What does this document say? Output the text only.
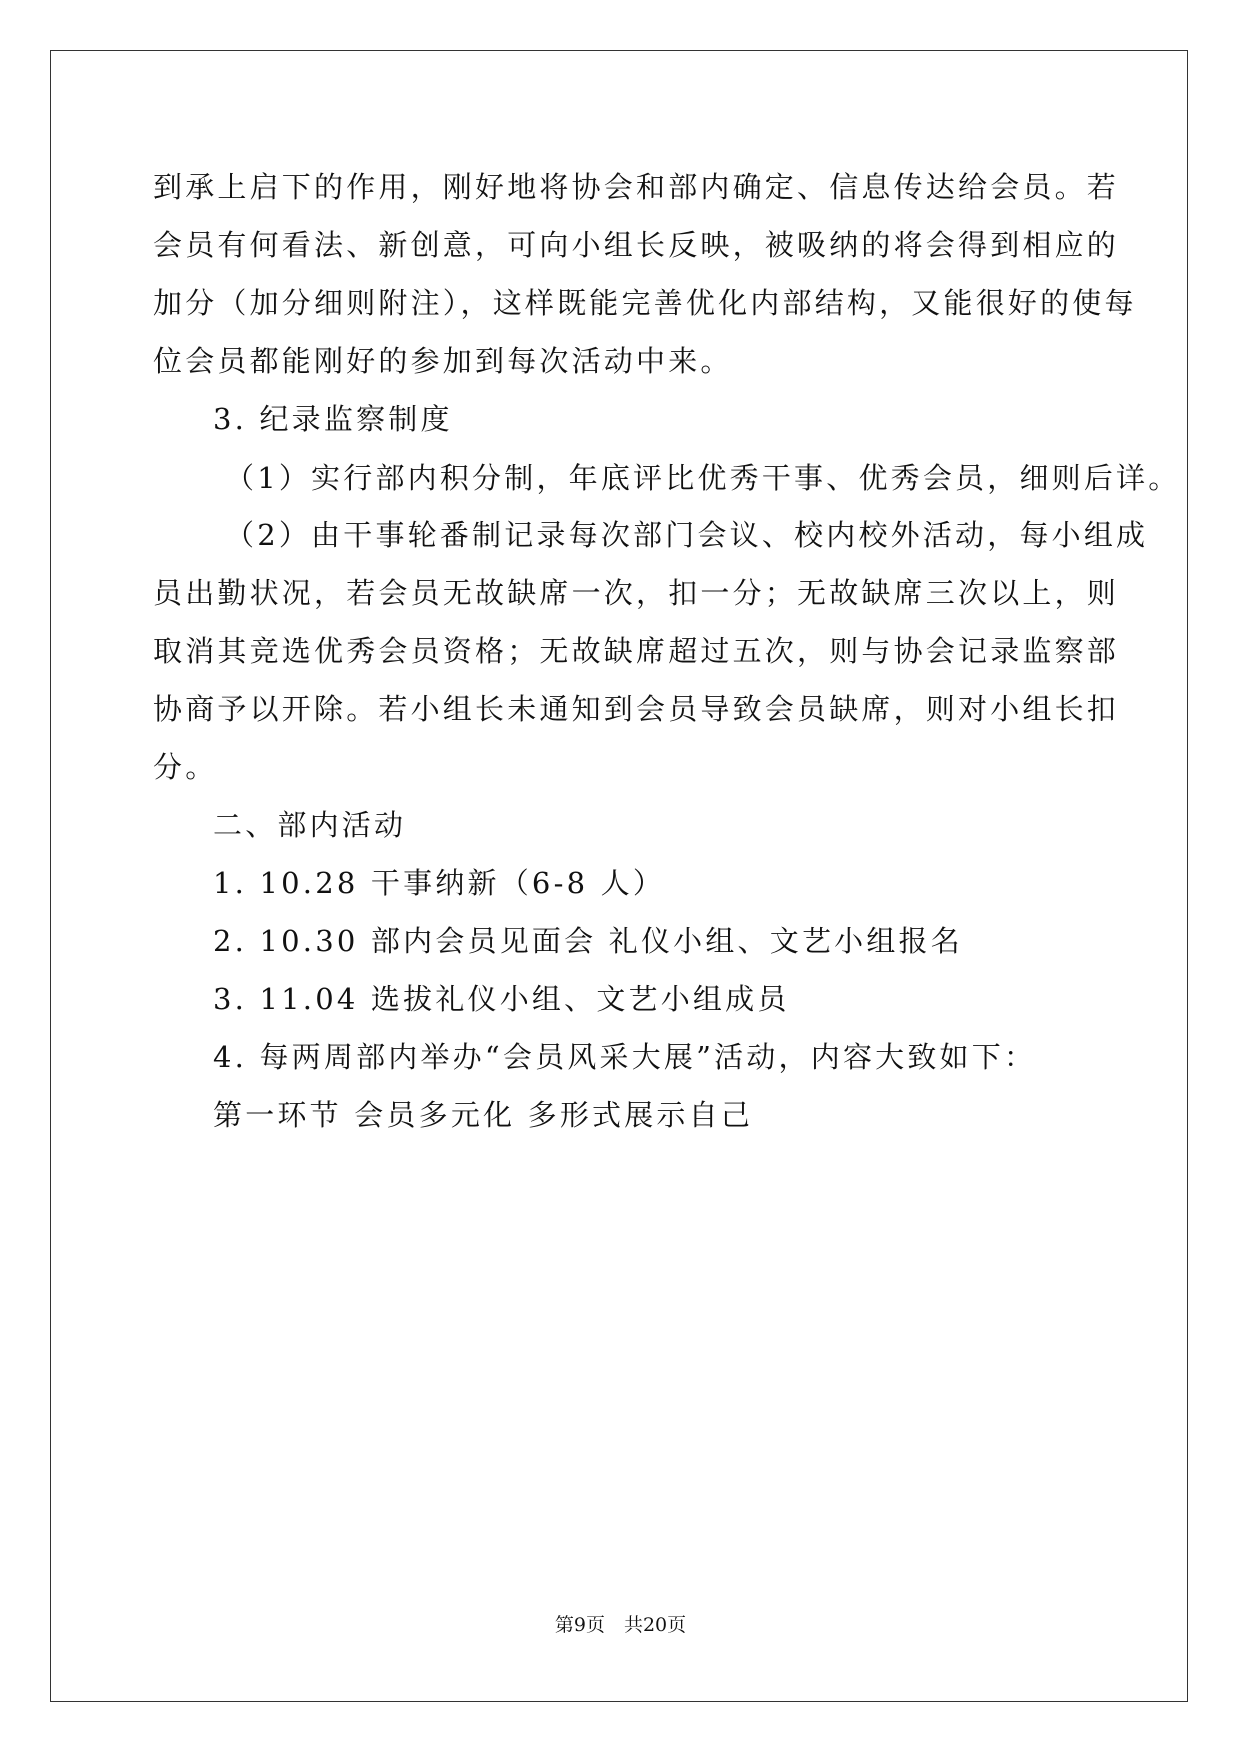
到承上启下的作用，刚好地将协会和部内确定、信息传达给会员。若
会员有何看法、新创意，可向小组长反映，被吸纳的将会得到相应的
加分（加分细则附注），这样既能完善优化内部结构，又能很好的使每
位会员都能刚好的参加到每次活动中来。
3. 纪录监察制度
（1）实行部内积分制，年底评比优秀干事、优秀会员，细则后详。
（2）由干事轮番制记录每次部门会议、校内校外活动，每小组成
员出勤状况，若会员无故缺席一次，扣一分；无故缺席三次以上，则
取消其竞选优秀会员资格；无故缺席超过五次，则与协会记录监察部
协商予以开除。若小组长未通知到会员导致会员缺席，则对小组长扣
分。
二、部内活动
1. 10.28 干事纳新（6-8 人）
2. 10.30 部内会员见面会 礼仪小组、文艺小组报名
3. 11.04 选拔礼仪小组、文艺小组成员
4. 每两周部内举办“会员风采大展”活动，内容大致如下：
第一环节 会员多元化 多形式展示自己
第9页　共20页
